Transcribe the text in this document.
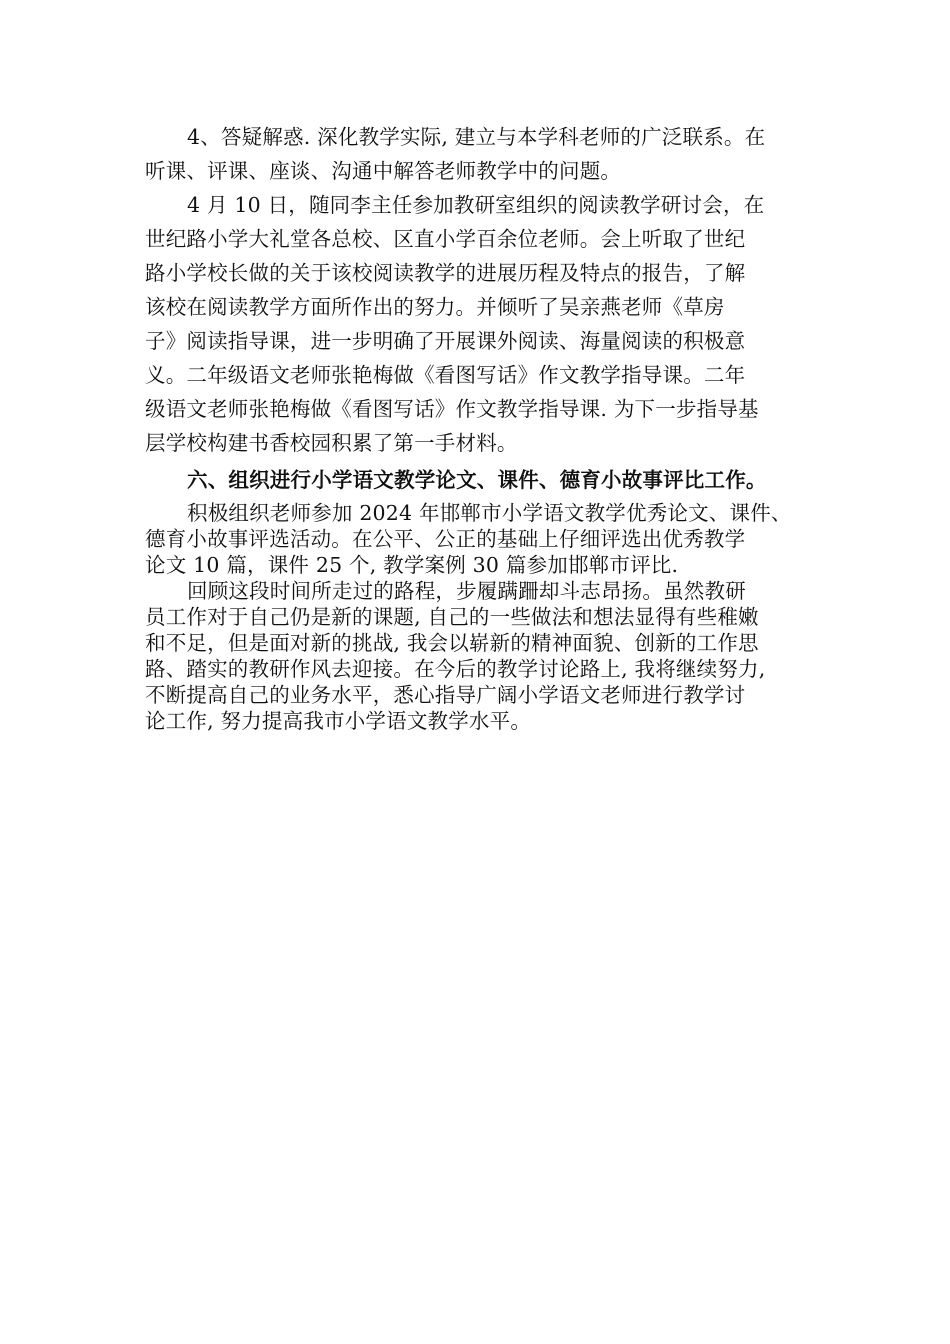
4、答疑解惑. 深化教学实际, 建立与本学科老师的广泛联系。在
听课、评课、座谈、沟通中解答老师教学中的问题。
4 月 10 日，随同李主任参加教研室组织的阅读教学研讨会，在
世纪路小学大礼堂各总校、区直小学百余位老师。会上听取了世纪
路小学校长做的关于该校阅读教学的进展历程及特点的报告，了解
该校在阅读教学方面所作出的努力。并倾听了吴亲燕老师《草房
子》阅读指导课，进一步明确了开展课外阅读、海量阅读的积极意
义。二年级语文老师张艳梅做《看图写话》作文教学指导课。二年
级语文老师张艳梅做《看图写话》作文教学指导课. 为下一步指导基
层学校构建书香校园积累了第一手材料。
六、组织进行小学语文教学论文、课件、德育小故事评比工作。
积极组织老师参加 2024 年邯郸市小学语文教学优秀论文、课件、
德育小故事评选活动。在公平、公正的基础上仔细评选出优秀教学
论文 10 篇，课件 25 个, 教学案例 30 篇参加邯郸市评比.
回顾这段时间所走过的路程，步履蹒跚却斗志昂扬。虽然教研
员工作对于自己仍是新的课题, 自己的一些做法和想法显得有些稚嫩
和不足，但是面对新的挑战, 我会以崭新的精神面貌、创新的工作思
路、踏实的教研作风去迎接。在今后的教学讨论路上, 我将继续努力,
不断提高自己的业务水平，悉心指导广阔小学语文老师进行教学讨
论工作, 努力提高我市小学语文教学水平。
